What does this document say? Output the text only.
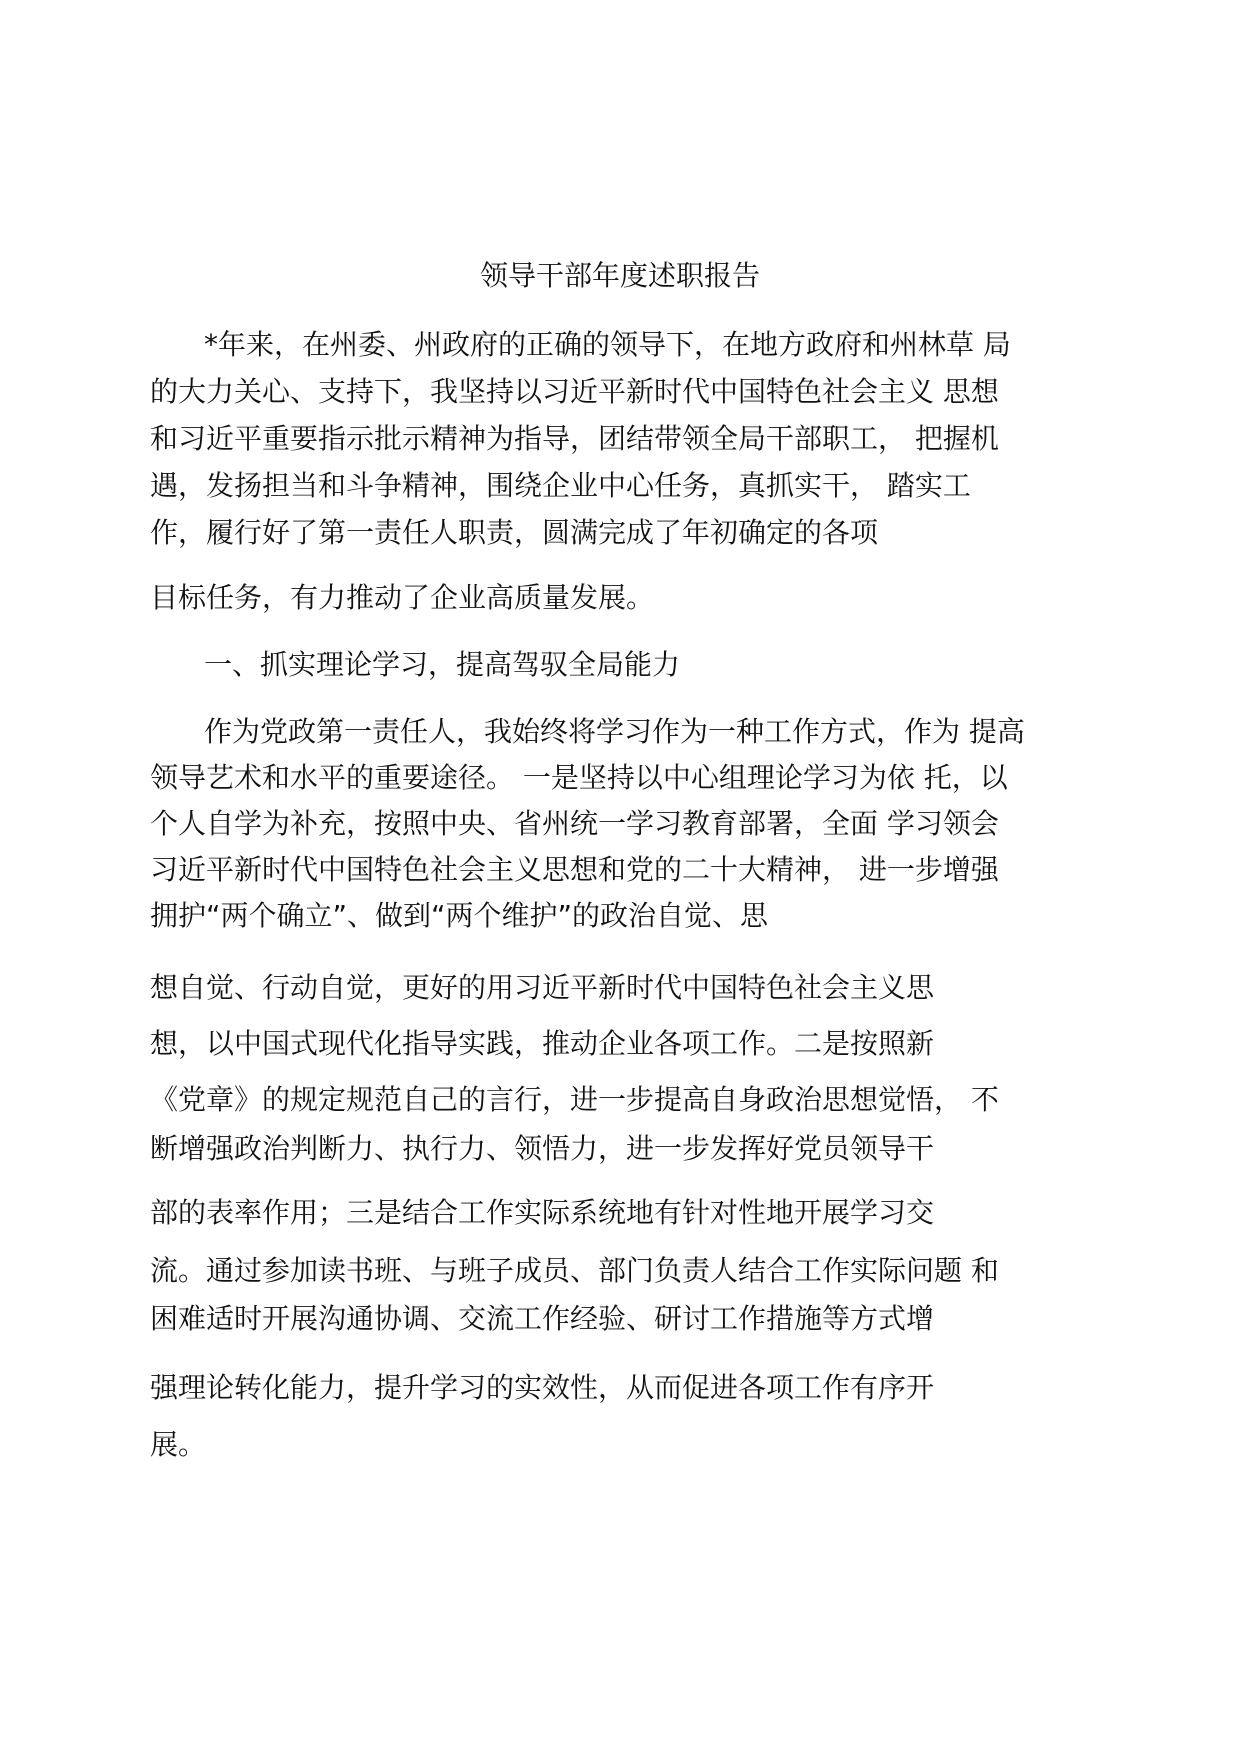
领导干部年度述职报告
*年来，在州委、州政府的正确的领导下，在地方政府和州林草 局
的大力关心、支持下，我坚持以习近平新时代中国特色社会主义 思想
和习近平重要指示批示精神为指导，团结带领全局干部职工， 把握机
遇，发扬担当和斗争精神，围绕企业中心任务，真抓实干， 踏实工
作，履行好了第一责任人职责，圆满完成了年初确定的各项
目标任务，有力推动了企业高质量发展。
一、抓实理论学习，提高驾驭全局能力
作为党政第一责任人，我始终将学习作为一种工作方式，作为 提高
领导艺术和水平的重要途径。 一是坚持以中心组理论学习为依 托，以
个人自学为补充，按照中央、省州统一学习教育部署，全面 学习领会
习近平新时代中国特色社会主义思想和党的二十大精神， 进一步增强
拥护“两个确立”、做到“两个维护”的政治自觉、思
想自觉、行动自觉，更好的用习近平新时代中国特色社会主义思
想，以中国式现代化指导实践，推动企业各项工作。二是按照新
《党章》的规定规范自己的言行，进一步提高自身政治思想觉悟， 不
断增强政治判断力、执行力、领悟力，进一步发挥好党员领导干
部的表率作用；三是结合工作实际系统地有针对性地开展学习交
流。通过参加读书班、与班子成员、部门负责人结合工作实际问题 和
困难适时开展沟通协调、交流工作经验、研讨工作措施等方式增
强理论转化能力，提升学习的实效性，从而促进各项工作有序开
展。
